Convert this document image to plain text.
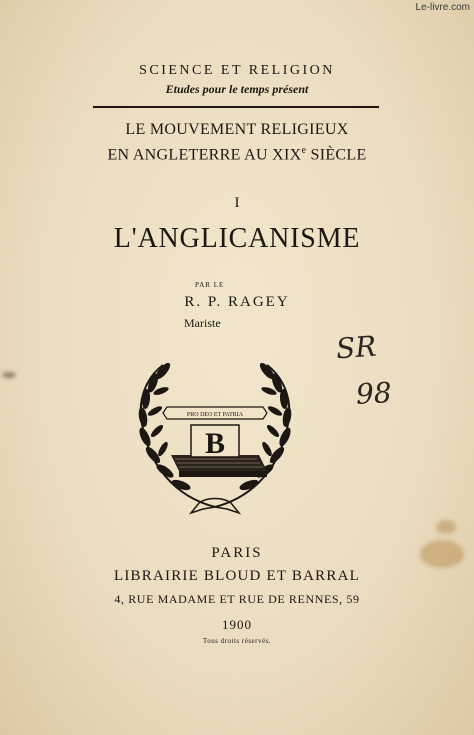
Le-livre.com
SCIENCE ET RELIGION
Etudes pour le temps présent
LE MOUVEMENT RELIGIEUX
EN ANGLETERRE AU XIXe SIÈCLE
I
L'ANGLICANISME
PAR LE
R. P. RAGEY
Mariste
SR
98
PRO DEO ET PATRIA
B
PARIS
LIBRAIRIE BLOUD ET BARRAL
4, RUE MADAME ET RUE DE RENNES, 59
1900
Tous droits réservés.
